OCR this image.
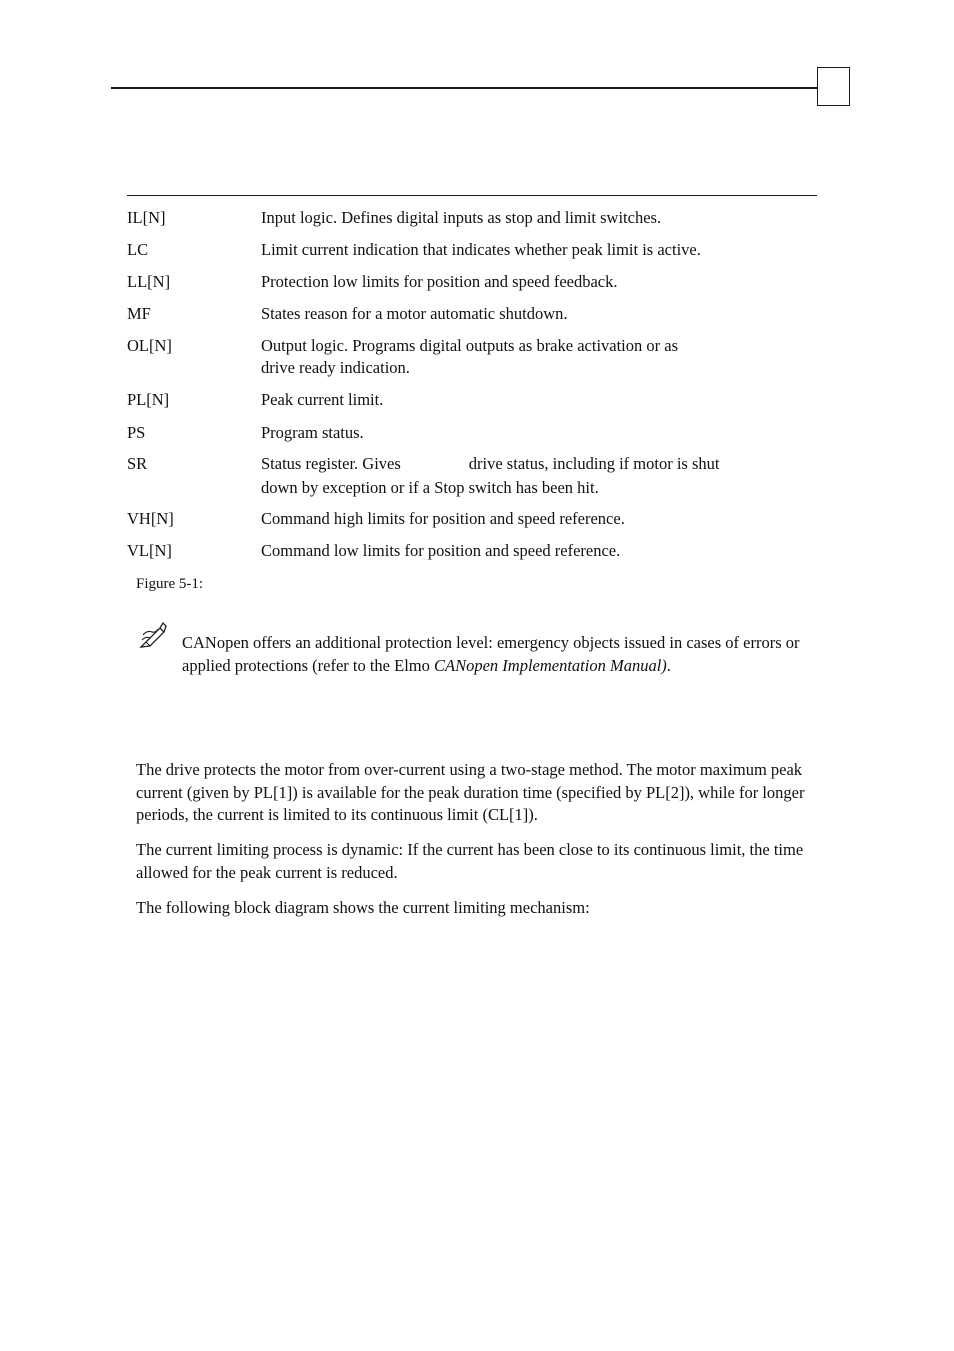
IL[N]	Input logic. Defines digital inputs as stop and limit switches.
LC	Limit current indication that indicates whether peak limit is active.
LL[N]	Protection low limits for position and speed feedback.
MF	States reason for a motor automatic shutdown.
OL[N]	Output logic. Programs digital outputs as brake activation or as
drive ready indication.
PL[N]	Peak current limit.
PS	Program status.
SR	Status register. Gives	drive status, including if motor is shut
down by exception or if a Stop switch has been hit.
VH[N]	Command high limits for position and speed reference.
VL[N]	Command low limits for position and speed reference.
Figure 5-1:
CANopen offers an additional protection level: emergency objects issued in cases of errors or applied protections (refer to the Elmo CANopen Implementation Manual).
The drive protects the motor from over-current using a two-stage method. The motor maximum peak current (given by PL[1]) is available for the peak duration time (specified by PL[2]), while for longer periods, the current is limited to its continuous limit (CL[1]).
The current limiting process is dynamic: If the current has been close to its continuous limit, the time allowed for the peak current is reduced.
The following block diagram shows the current limiting mechanism:
